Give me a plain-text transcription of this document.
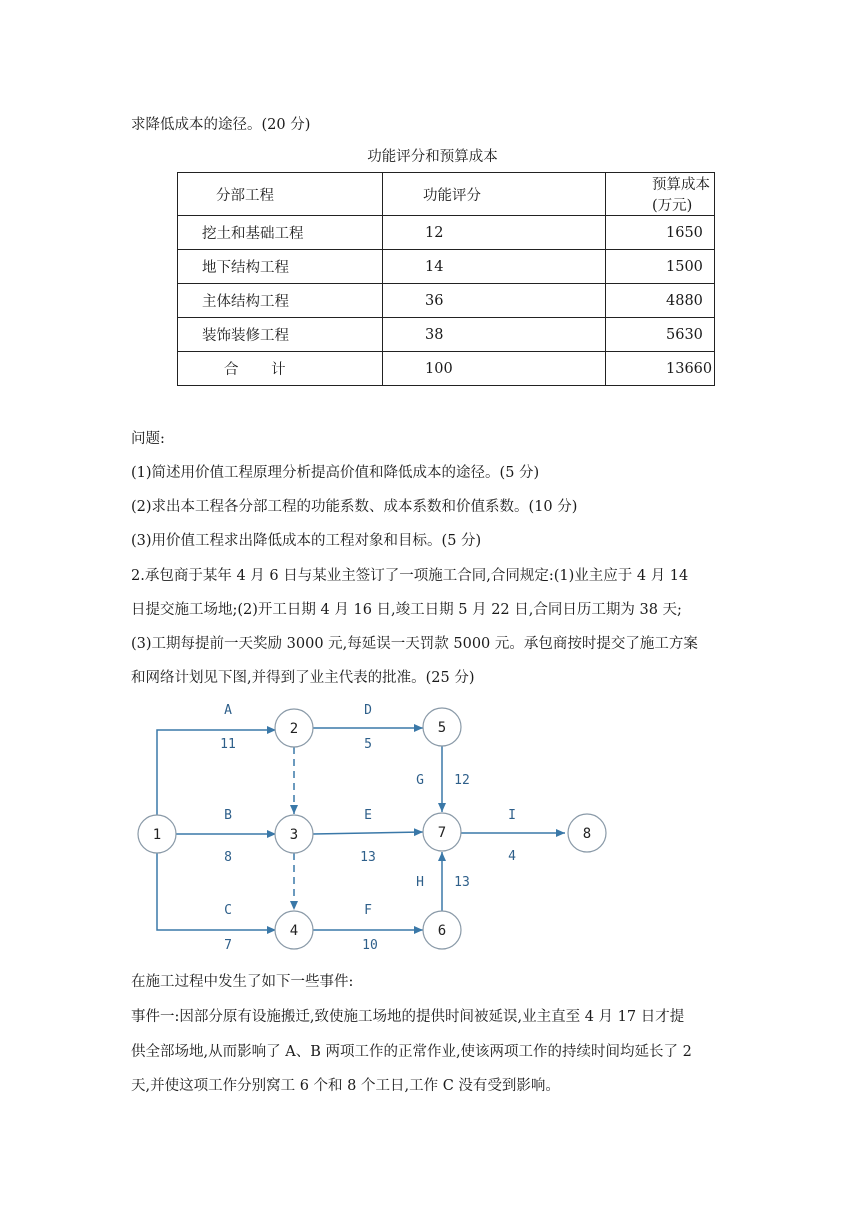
求降低成本的途径。(20 分)
功能评分和预算成本
分部工程	功能评分	预算成本(万元)
挖土和基础工程	12	1650
地下结构工程	14	1500
主体结构工程	36	4880
装饰装修工程	38	5630
合 计	100	13660
问题:
(1)简述用价值工程原理分析提高价值和降低成本的途径。(5 分)
(2)求出本工程各分部工程的功能系数、成本系数和价值系数。(10 分)
(3)用价值工程求出降低成本的工程对象和目标。(5 分)
2.承包商于某年 4 月 6 日与某业主签订了一项施工合同,合同规定:(1)业主应于 4 月 14
日提交施工场地;(2)开工日期 4 月 16 日,竣工日期 5 月 22 日,合同日历工期为 38 天;
(3)工期每提前一天奖励 3000 元,每延误一天罚款 5000 元。承包商按时提交了施工方案
和网络计划见下图,并得到了业主代表的批准。(25 分)
1
2
3
4
5
6
7	8
A
11
B
8
C
7
D
5
E
13
F
10
G 12
H 13
I
4
在施工过程中发生了如下一些事件:
事件一:因部分原有设施搬迁,致使施工场地的提供时间被延误,业主直至 4 月 17 日才提
供全部场地,从而影响了 A、B 两项工作的正常作业,使该两项工作的持续时间均延长了 2
天,并使这项工作分别窝工 6 个和 8 个工日,工作 C 没有受到影响。
